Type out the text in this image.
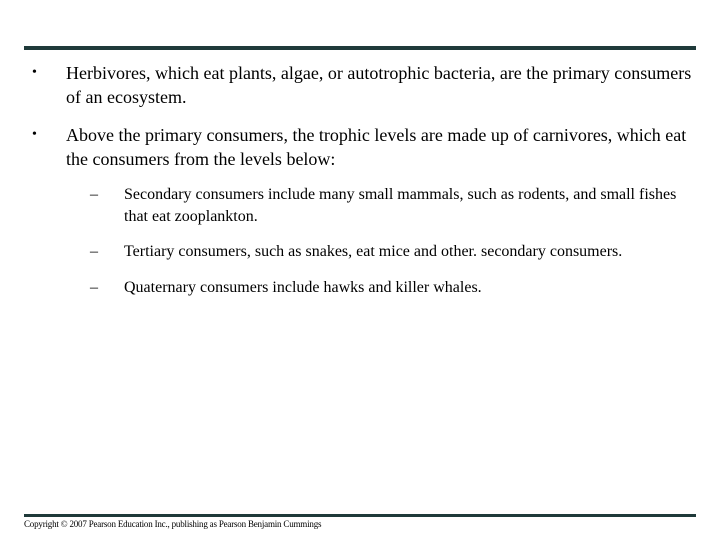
• Herbivores, which eat plants, algae, or autotrophic bacteria, are the primary consumers of an ecosystem.
• Above the primary consumers, the trophic levels are made up of carnivores, which eat the consumers from the levels below:
– Secondary consumers include many small mammals, such as rodents, and small fishes that eat zooplankton.
– Tertiary consumers, such as snakes, eat mice and other. secondary consumers.
– Quaternary consumers include hawks and killer whales.
Copyright © 2007 Pearson Education Inc., publishing as Pearson Benjamin Cummings
